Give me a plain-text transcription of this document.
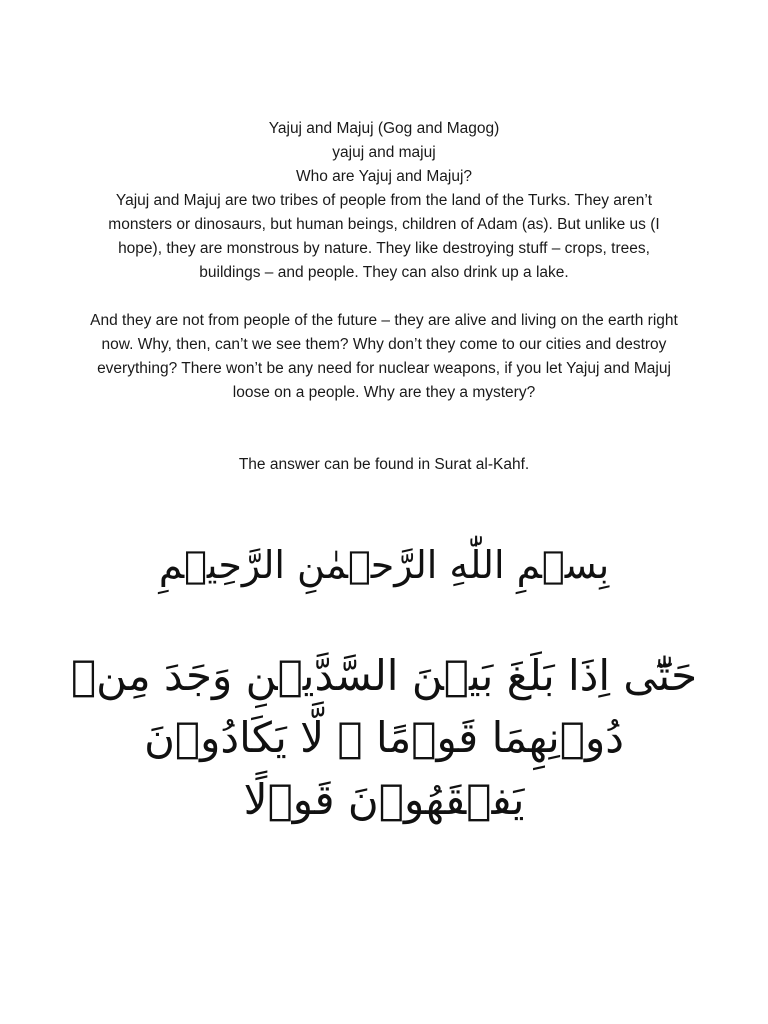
Yajuj and Majuj (Gog and Magog)

yajuj and majuj

Who are Yajuj and Majuj?

Yajuj and Majuj are two tribes of people from the land of the Turks. They aren’t monsters or dinosaurs, but human beings, children of Adam (as). But unlike us (I hope), they are monstrous by nature. They like destroying stuff – crops, trees, buildings – and people. They can also drink up a lake.

And they are not from people of the future – they are alive and living on the earth right now. Why, then, can’t we see them? Why don’t they come to our cities and destroy everything? There won’t be any need for nuclear weapons, if you let Yajuj and Majuj loose on a people. Why are they a mystery?

The answer can be found in Surat al-Kahf.

بِسۡمِ اللّٰهِ الرَّحۡمٰنِ الرَّحِيۡمِ
حَتّٰٓى اِذَا بَلَغَ بَيۡنَ السَّدَّيۡنِ وَجَدَ مِنۡ دُوۡنِهِمَا قَوۡمًا ۙ لَّا يَكَادُوۡنَ يَفۡقَهُوۡنَ قَوۡلًا
